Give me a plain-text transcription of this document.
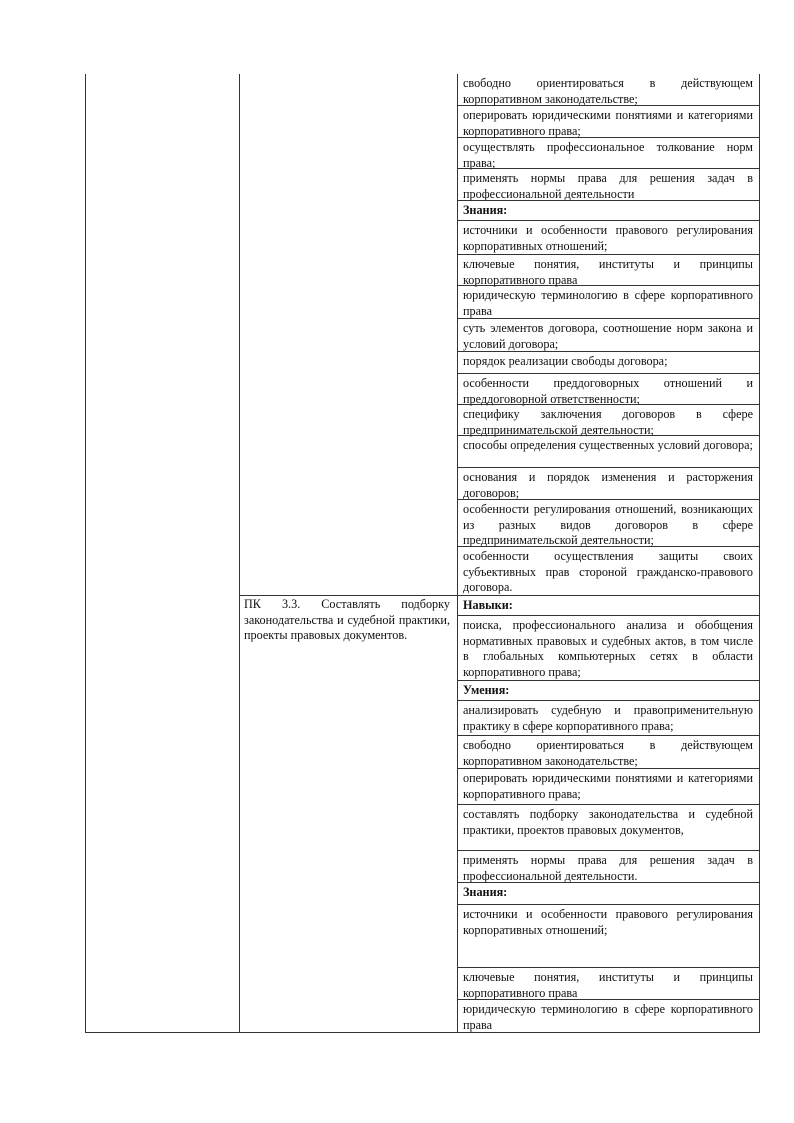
ПК 3.3. Составлять подборку законодательства и судебной практики, проекты правовых документов.
свободно ориентироваться в действующем корпоративном законодательстве;
оперировать юридическими понятиями и категориями корпоративного права;
осуществлять профессиональное толкование норм права;
применять нормы права для решения задач в профессиональной деятельности
Знания:
источники и особенности правового регулирования корпоративных отношений;
ключевые понятия, институты и принципы корпоративного права
юридическую терминологию в сфере корпоративного права
суть элементов договора, соотношение норм закона и условий договора;
порядок реализации свободы договора;
особенности преддоговорных отношений и преддоговорной ответственности;
специфику заключения договоров в сфере предпринимательской деятельности;
способы определения существенных условий договора;
основания и порядок изменения и расторжения договоров;
особенности регулирования отношений, возникающих из разных видов договоров в сфере предпринимательской деятельности;
особенности осуществления защиты своих субъективных прав стороной гражданско-правового договора.
Навыки:
поиска, профессионального анализа и обобщения нормативных правовых и судебных актов, в том числе в глобальных компьютерных сетях в области корпоративного права;
Умения:
анализировать судебную и правоприменительную практику в сфере корпоративного права;
свободно ориентироваться в действующем корпоративном законодательстве;
оперировать юридическими понятиями и категориями корпоративного права;
составлять подборку законодательства и судебной практики, проектов правовых документов,
применять нормы права для решения задач в профессиональной деятельности.
Знания:
источники и особенности правового регулирования корпоративных отношений;
ключевые понятия, институты и принципы корпоративного права
юридическую терминологию в сфере корпоративного права
